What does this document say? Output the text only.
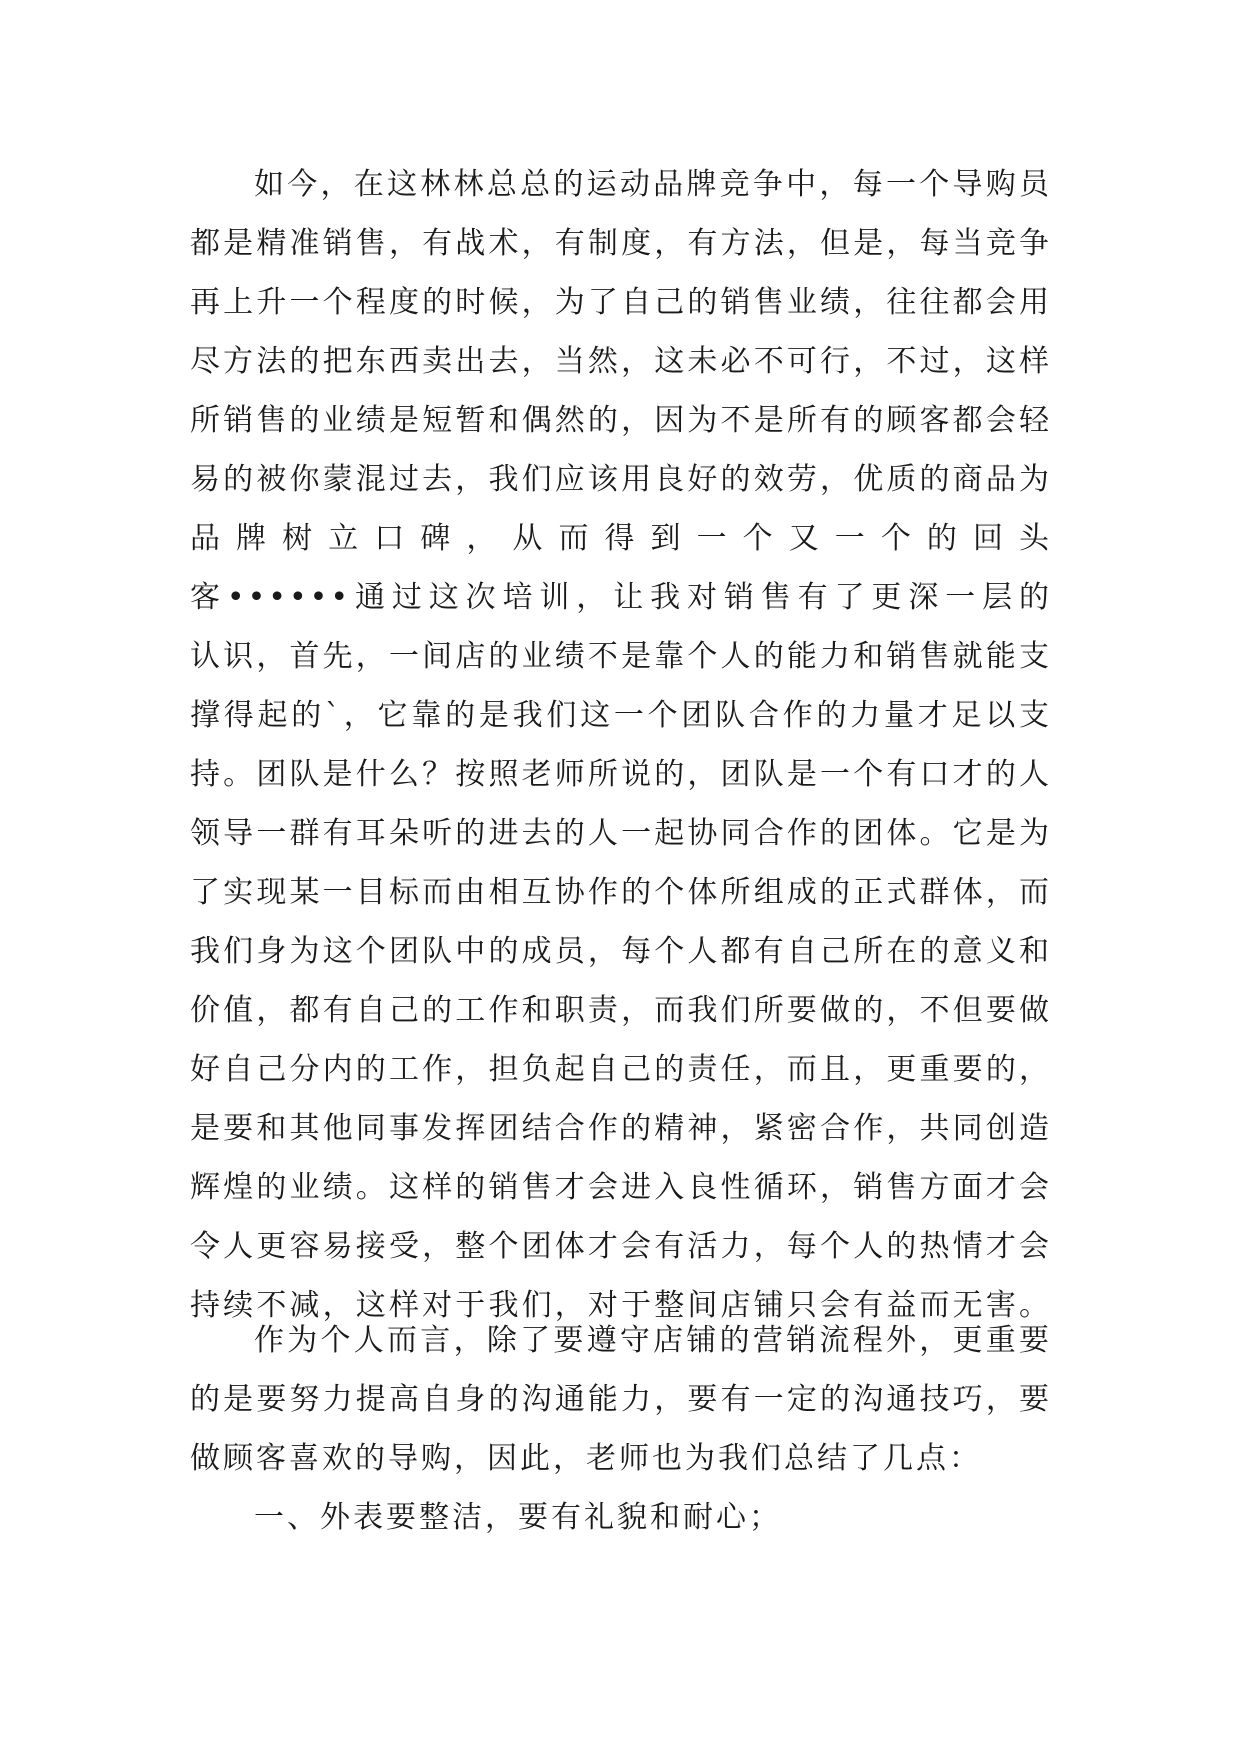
如今，在这林林总总的运动品牌竞争中，每一个导购员
都是精准销售，有战术，有制度，有方法，但是，每当竞争
再上升一个程度的时候，为了自己的销售业绩，往往都会用
尽方法的把东西卖出去，当然，这未必不可行，不过，这样
所销售的业绩是短暂和偶然的，因为不是所有的顾客都会轻
易的被你蒙混过去，我们应该用良好的效劳，优质的商品为
品牌树立口碑，从而得到一个又一个的回头
客••••••通过这次培训，让我对销售有了更深一层的
认识，首先，一间店的业绩不是靠个人的能力和销售就能支
撑得起的`，它靠的是我们这一个团队合作的力量才足以支
持。团队是什么？按照老师所说的，团队是一个有口才的人
领导一群有耳朵听的进去的人一起协同合作的团体。它是为
了实现某一目标而由相互协作的个体所组成的正式群体，而
我们身为这个团队中的成员，每个人都有自己所在的意义和
价值，都有自己的工作和职责，而我们所要做的，不但要做
好自己分内的工作，担负起自己的责任，而且，更重要的，
是要和其他同事发挥团结合作的精神，紧密合作，共同创造
辉煌的业绩。这样的销售才会进入良性循环，销售方面才会
令人更容易接受，整个团体才会有活力，每个人的热情才会
持续不减，这样对于我们，对于整间店铺只会有益而无害。
作为个人而言，除了要遵守店铺的营销流程外，更重要
的是要努力提高自身的沟通能力，要有一定的沟通技巧，要
做顾客喜欢的导购，因此，老师也为我们总结了几点：
一、外表要整洁，要有礼貌和耐心；
